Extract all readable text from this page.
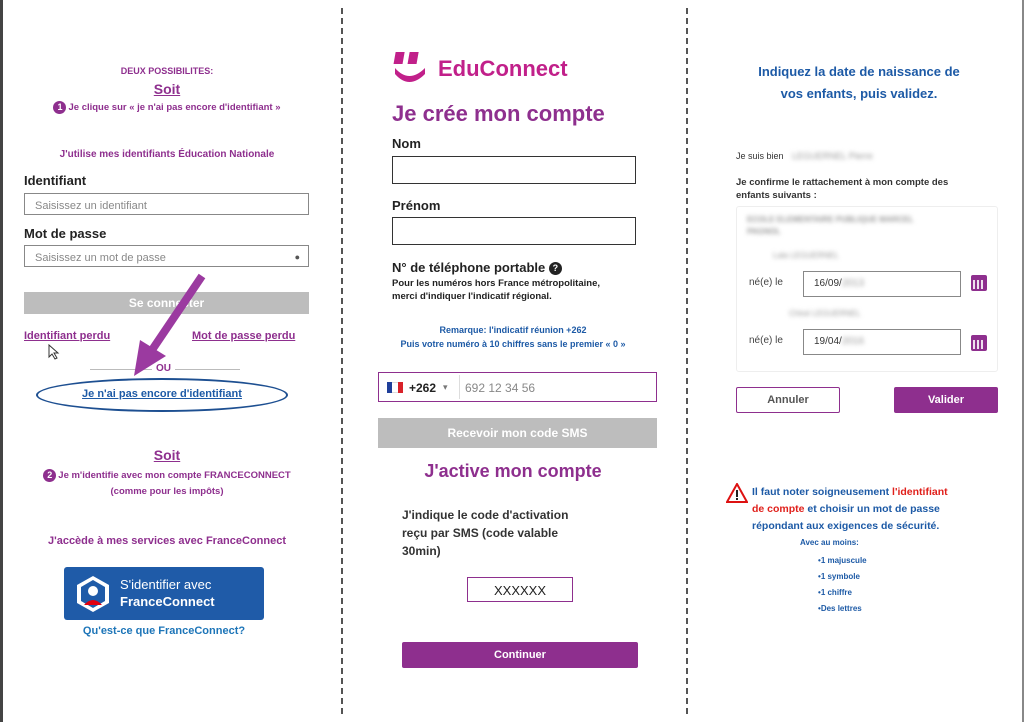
DEUX POSSIBILITES:
Soit
1 Je clique sur « je n'ai pas encore d'identifiant »
J'utilise mes identifiants Éducation Nationale
Identifiant
Saisissez un identifiant
Mot de passe
Saisissez un mot de passe	●
Se connecter
Identifiant perdu	Mot de passe perdu
OU
Je n'ai pas encore d'identifiant
Soit
2 Je m'identifie avec mon compte FRANCECONNECT
(comme pour les impôts)
J'accède à mes services avec FranceConnect
S'identifier avec
FranceConnect
Qu'est-ce que FranceConnect?
EduConnect
Je crée mon compte
Nom
Prénom
N° de téléphone portable ?
Pour les numéros hors France métropolitaine,
merci d'indiquer l'indicatif régional.
Remarque: l'indicatif réunion +262
Puis votre numéro à 10 chiffres sans le premier « 0 »
+262 ▾ 692 12 34 56
Recevoir mon code SMS
J'active mon compte
J'indique le code d'activation
reçu par SMS (code valable
30min)
XXXXXX
Continuer
Indiquez la date de naissance de
vos enfants, puis validez.
Je suis bien LEGUERNEL Pierre
Je confirme le rattachement à mon compte des
enfants suivants :
ECOLE ELEMENTAIRE PUBLIQUE MARCEL
PAGNOL
Lala LEGUERNEL
né(e) le	16/09/2013
Chloé LEGUERNEL
né(e) le	19/04/2016
Annuler	Valider
Il faut noter soigneusement l'identifiant
de compte et choisir un mot de passe
répondant aux exigences de sécurité.
Avec au moins:
•1 majuscule
•1 symbole
•1 chiffre
•Des lettres
